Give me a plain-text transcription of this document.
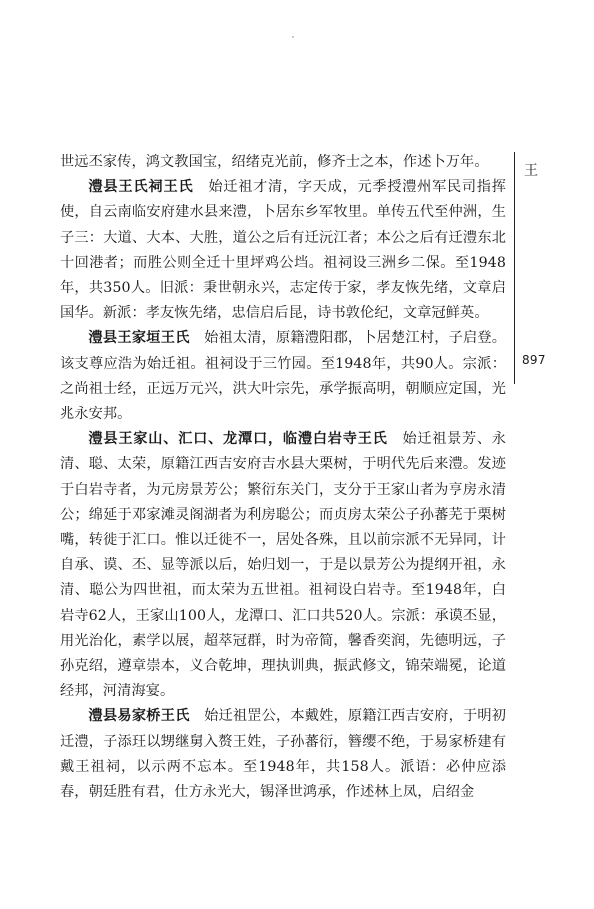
世远丕家传，鸿文教国宝，绍绪克光前，修齐士之本，作述卜万年。

澧县王氏祠王氏　始迁祖才清，字天成，元季授澧州军民司指挥使，自云南临安府建水县来澧，卜居东乡军牧里。单传五代至仲洲，生子三：大道、大本、大胜，道公之后有迁沅江者；本公之后有迁澧东北十回港者；而胜公则全迁十里坪鸡公垱。祖祠设三洲乡二保。至1948年，共350人。旧派：秉世朝永兴，志定传于家，孝友恢先绪，文章启国华。新派：孝友恢先绪，忠信启后昆，诗书敦伦纪，文章冠鲜英。

澧县王家垣王氏　始祖太清，原籍澧阳郡，卜居楚江村，子启登。该支尊应浩为始迁祖。祖祠设于三竹园。至1948年，共90人。宗派：之尚祖士经，正远万元兴，洪大叶宗先，承学振高明，朝顺应定国，光兆永安邦。

澧县王家山、汇口、龙潭口，临澧白岩寺王氏　始迁祖景芳、永清、聪、太荣，原籍江西吉安府吉水县大栗树，于明代先后来澧。发迹于白岩寺者，为元房景芳公；繁衍东关门，支分于王家山者为亨房永清公；绵延于邓家滩灵阁湖者为利房聪公；而贞房太荣公子孙蕃芜于栗树嘴，转徙于汇口。惟以迁徙不一，居处各殊，且以前宗派不无异同，计自承、谟、丕、显等派以后，始归划一，于是以景芳公为提纲开祖，永清、聪公为四世祖，而太荣为五世祖。祖祠设白岩寺。至1948年，白岩寺62人，王家山100人，龙潭口、汇口共520人。宗派：承谟丕显，用光治化，素学以展，超萃冠群，时为帝简，馨香奕润，先德明远，子孙克绍，遵章崇本，义合乾坤，理执训典，振武修文，锦荣端冕，论道经邦，河清海宴。

澧县易家桥王氏　始迁祖罡公，本戴姓，原籍江西吉安府，于明初迁澧，子添玨以甥继舅入赘王姓，子孙蕃衍，簪缨不绝，于易家桥建有戴王祖祠，以示两不忘本。至1948年，共158人。派语：必仲应添春，朝廷胜有君，仕方永光大，锡泽世鸿承，作述林上凤，启绍金

王
897
